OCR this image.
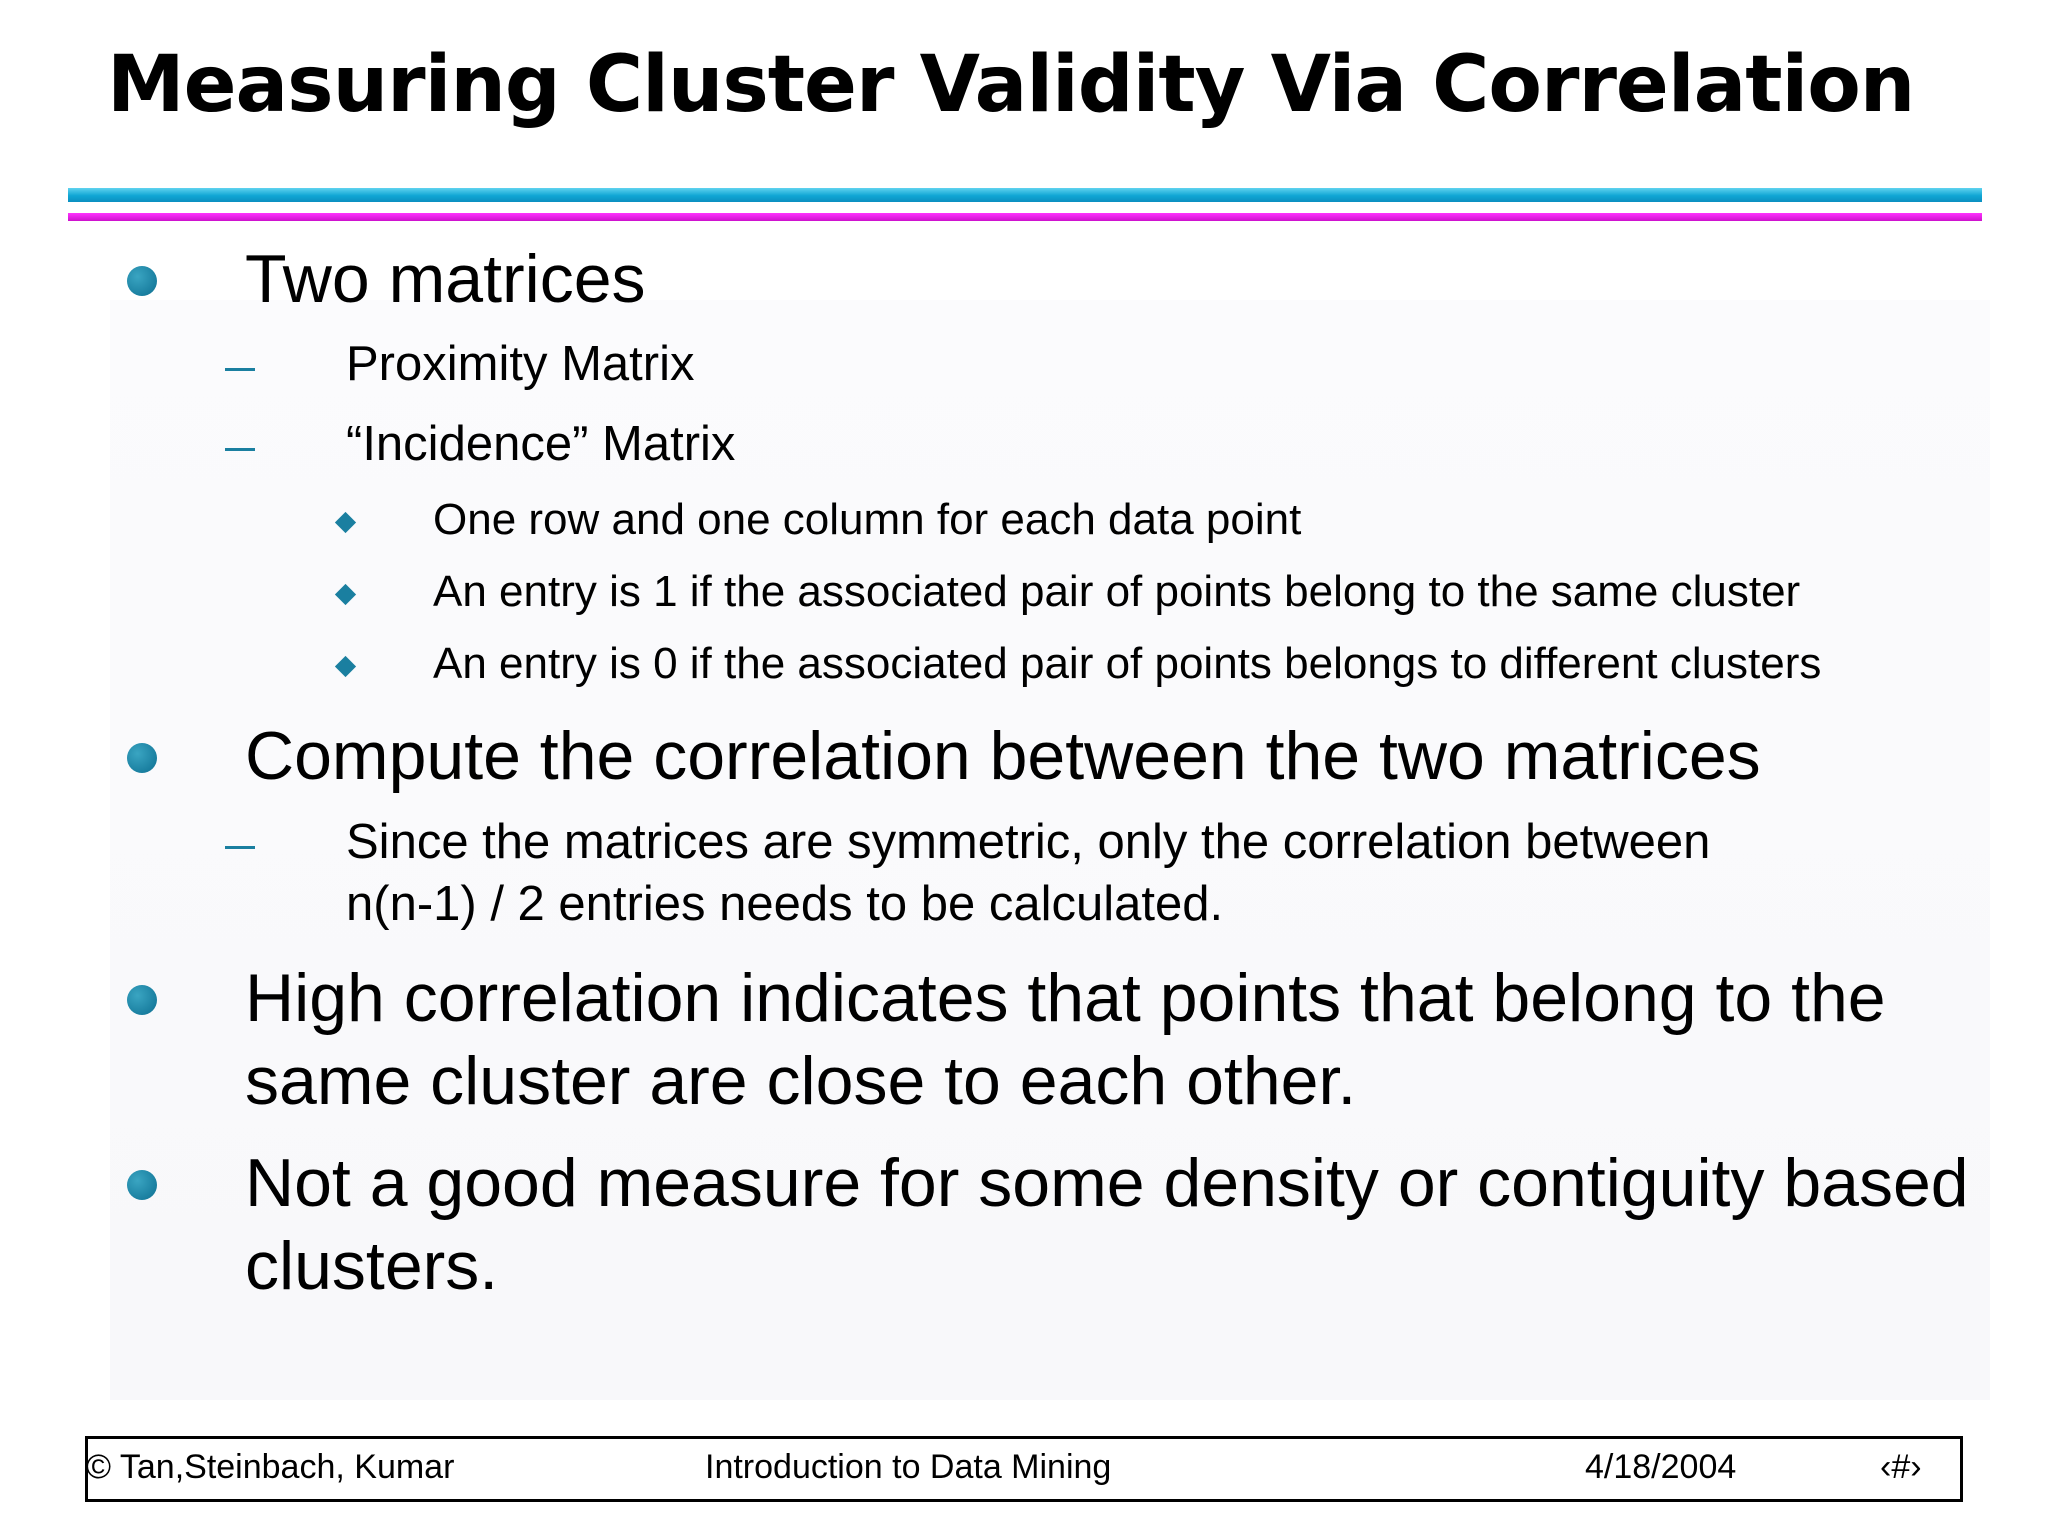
Measuring Cluster Validity Via Correlation
Two matrices
Proximity Matrix
“Incidence” Matrix
One row and one column for each data point
An entry is 1 if the associated pair of points belong to the same cluster
An entry is 0 if the associated pair of points belongs to different clusters
Compute the correlation between the two matrices
Since the matrices are symmetric, only the correlation between
n(n-1) / 2 entries needs to be calculated.
High correlation indicates that points that belong to the
same cluster are close to each other.
Not a good measure for some density or contiguity based
clusters.
© Tan,Steinbach, Kumar	Introduction to Data Mining	4/18/2004	‹#›
